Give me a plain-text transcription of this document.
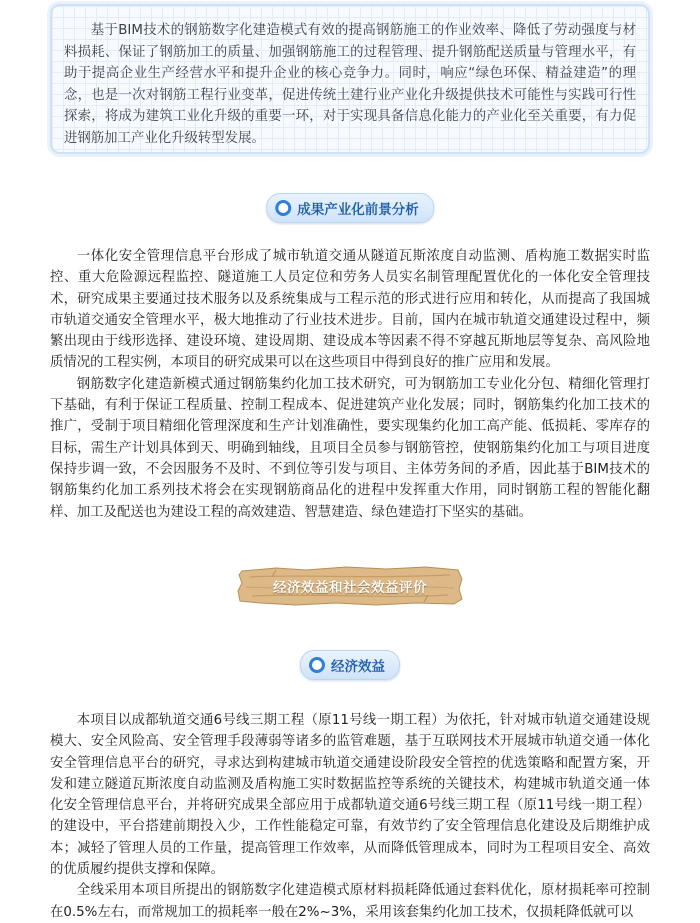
基于BIM技术的钢筋数字化建造模式有效的提高钢筋施工的作业效率、降低了劳动强度与材料损耗、保证了钢筋加工的质量、加强钢筋施工的过程管理、提升钢筋配送质量与管理水平，有助于提高企业生产经营水平和提升企业的核心竞争力。同时，响应“绿色环保、精益建造”的理念，也是一次对钢筋工程行业变革，促进传统土建行业产业化升级提供技术可能性与实践可行性探索，将成为建筑工业化升级的重要一环，对于实现具备信息化能力的产业化至关重要，有力促进钢筋加工产业化升级转型发展。

成果产业化前景分析

一体化安全管理信息平台形成了城市轨道交通从隧道瓦斯浓度自动监测、盾构施工数据实时监控、重大危险源远程监控、隧道施工人员定位和劳务人员实名制管理配置优化的一体化安全管理技术，研究成果主要通过技术服务以及系统集成与工程示范的形式进行应用和转化，从而提高了我国城市轨道交通安全管理水平，极大地推动了行业技术进步。目前，国内在城市轨道交通建设过程中，频繁出现由于线形选择、建设环境、建设周期、建设成本等因素不得不穿越瓦斯地层等复杂、高风险地质情况的工程实例，本项目的研究成果可以在这些项目中得到良好的推广应用和发展。

钢筋数字化建造新模式通过钢筋集约化加工技术研究，可为钢筋加工专业化分包、精细化管理打下基础，有利于保证工程质量、控制工程成本、促进建筑产业化发展；同时，钢筋集约化加工技术的推广，受制于项目精细化管理深度和生产计划准确性，要实现集约化加工高产能、低损耗、零库存的目标，需生产计划具体到天、明确到轴线，且项目全员参与钢筋管控，使钢筋集约化加工与项目进度保持步调一致，不会因服务不及时、不到位等引发与项目、主体劳务间的矛盾，因此基于BIM技术的钢筋集约化加工系列技术将会在实现钢筋商品化的进程中发挥重大作用，同时钢筋工程的智能化翻样、加工及配送也为建设工程的高效建造、智慧建造、绿色建造打下坚实的基础。

经济效益和社会效益评价
经济效益

本项目以成都轨道交通6号线三期工程（原11号线一期工程）为依托，针对城市轨道交通建设规模大、安全风险高、安全管理手段薄弱等诸多的监管难题，基于互联网技术开展城市轨道交通一体化安全管理信息平台的研究，寻求达到构建城市轨道交通建设阶段安全管控的优选策略和配置方案，开发和建立隧道瓦斯浓度自动监测及盾构施工实时数据监控等系统的关键技术，构建城市轨道交通一体化安全管理信息平台，并将研究成果全部应用于成都轨道交通6号线三期工程（原11号线一期工程）的建设中，平台搭建前期投入少，工作性能稳定可靠，有效节约了安全管理信息化建设及后期维护成本；减轻了管理人员的工作量，提高管理工作效率，从而降低管理成本，同时为工程项目安全、高效的优质履约提供支撑和保障。

全线采用本项目所提出的钢筋数字化建造模式原材料损耗降低通过套料优化，原材损耗率可控制在0.5%左右，而常规加工的损耗率一般在2%~3%，采用该套集约化加工技术，仅损耗降低就可以
